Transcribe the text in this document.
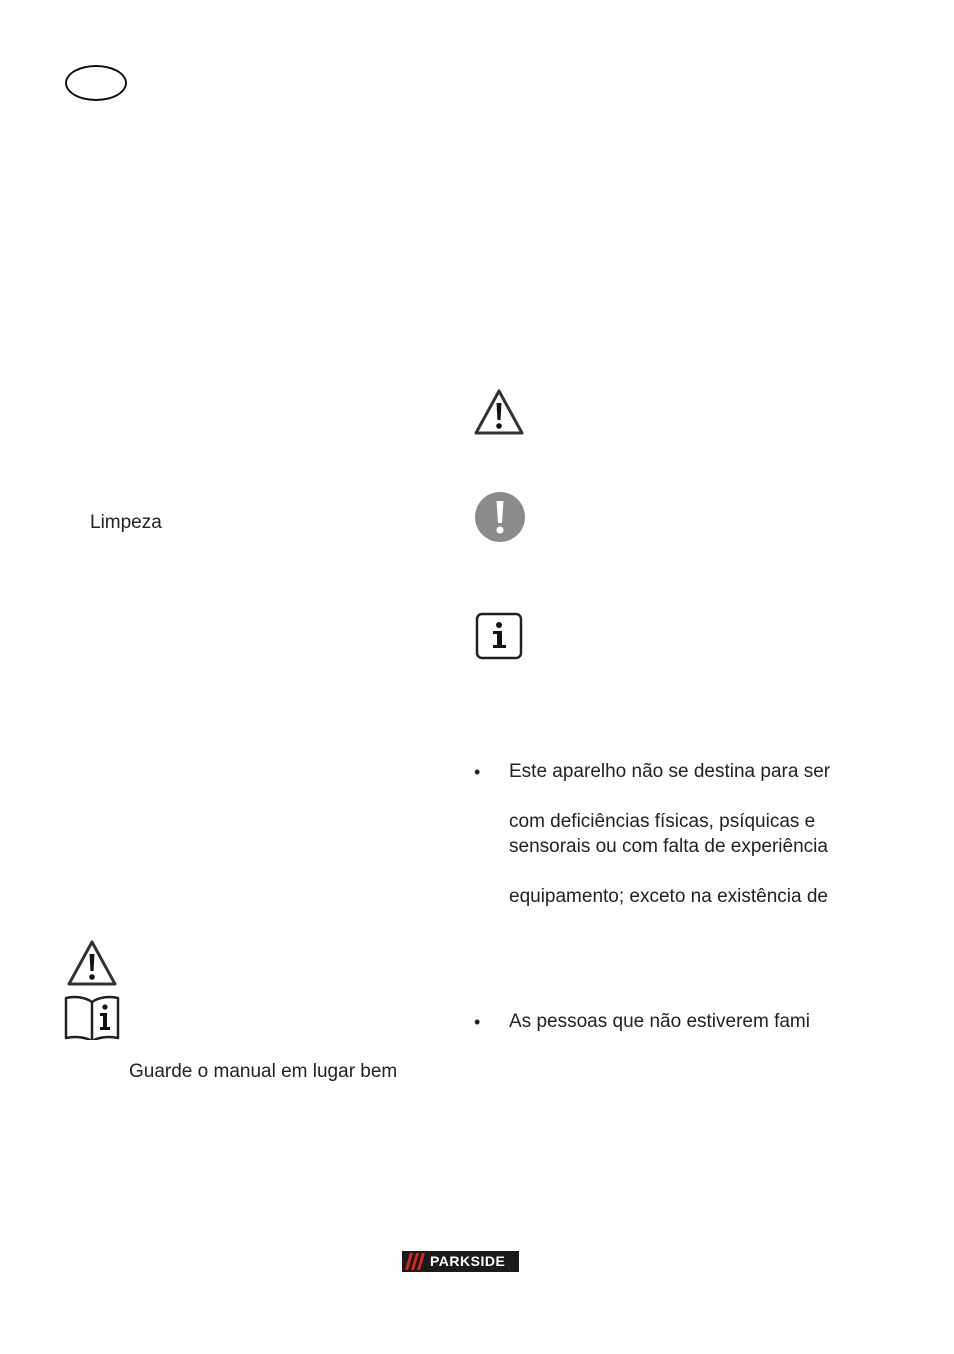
Limpeza
Guarde o manual em lugar bem
• Este aparelho não se destina para ser
com deficiências físicas, psíquicas e
sensorais ou com falta de experiência
equipamento; exceto na existência de
• As pessoas que não estiverem fami
PARKSIDE
